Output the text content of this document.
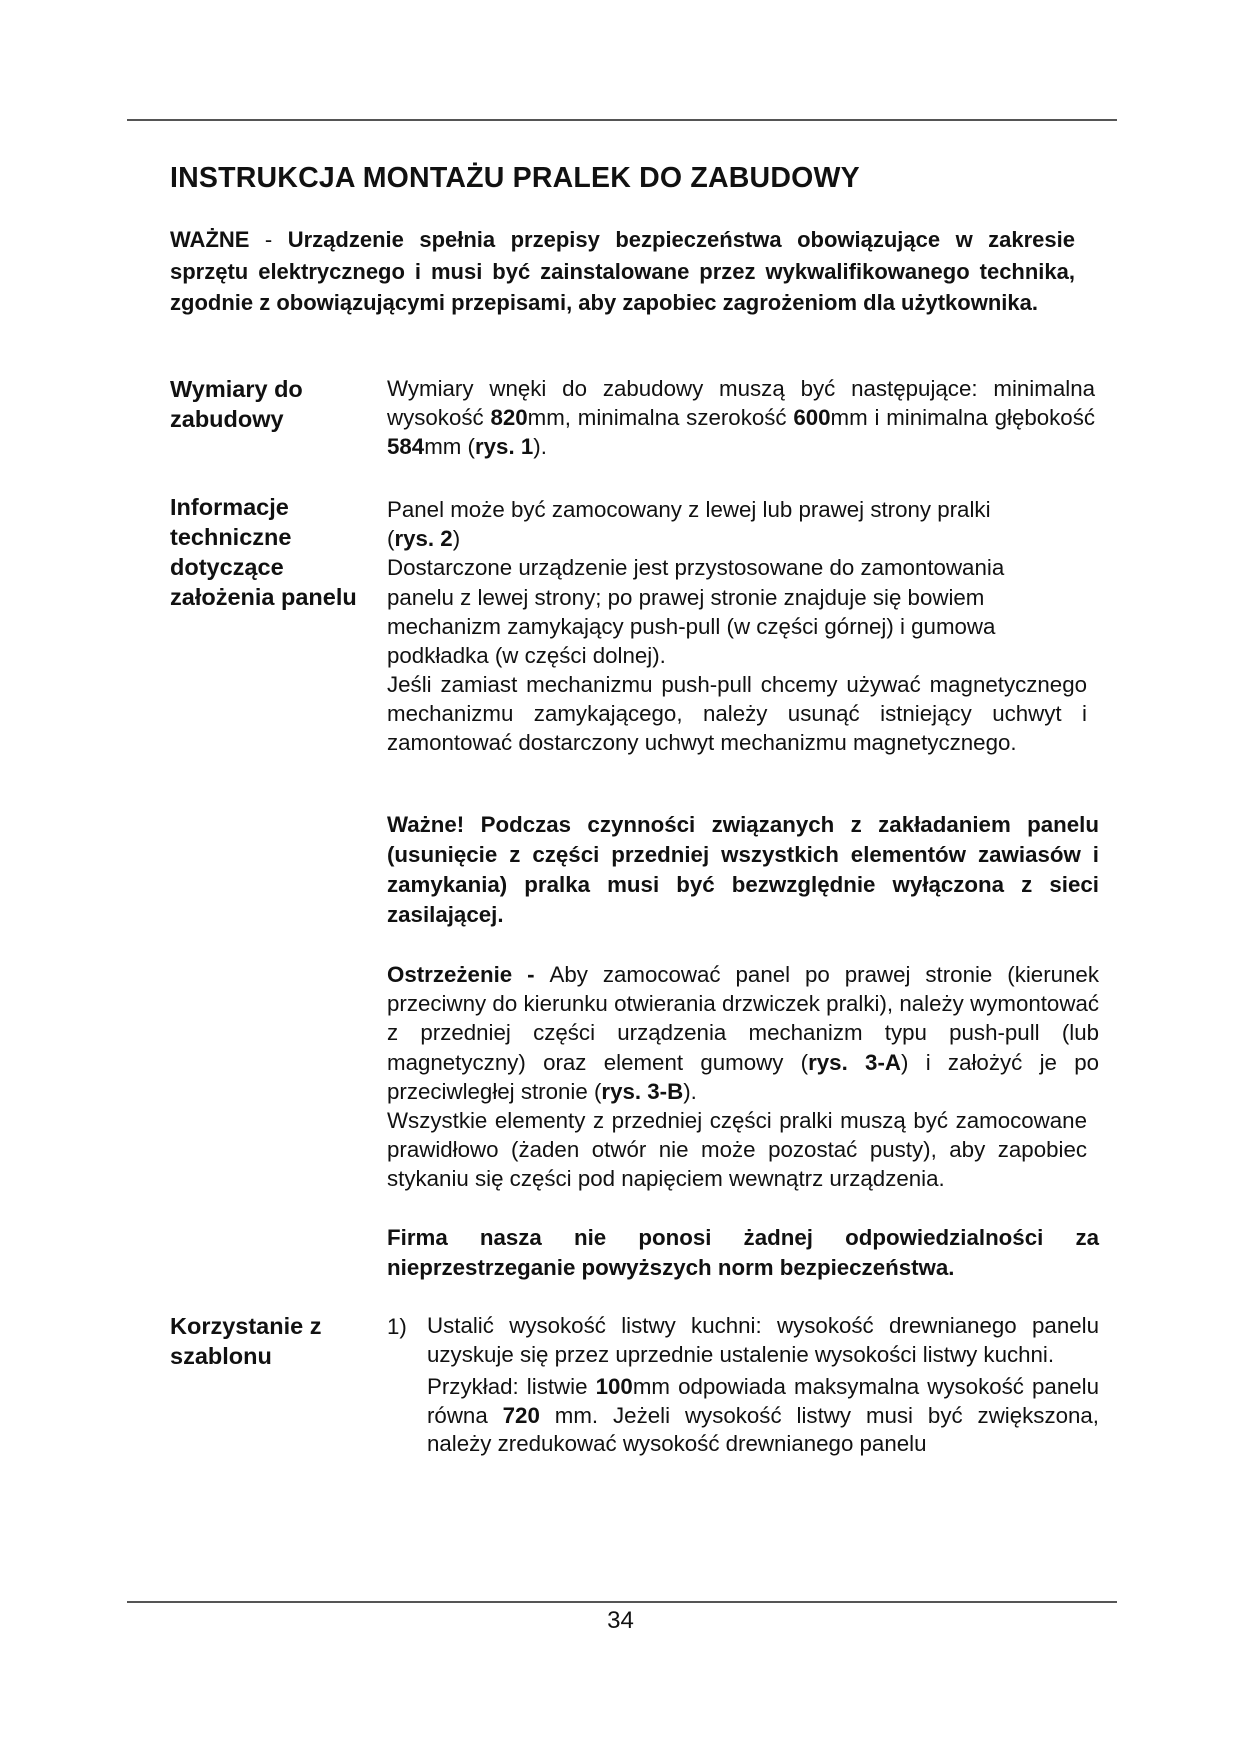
INSTRUKCJA MONTAŻU PRALEK DO ZABUDOWY

WAŻNE - Urządzenie spełnia przepisy bezpieczeństwa obowiązujące w zakresie sprzętu elektrycznego i musi być zainstalowane przez wykwalifikowanego technika, zgodnie z obowiązującymi przepisami, aby zapobiec zagrożeniom dla użytkownika.

Wymiary do
zabudowy

Wymiary wnęki do zabudowy muszą być następujące: minimalna wysokość 820mm, minimalna szerokość 600mm i minimalna głębokość 584mm (rys. 1).

Informacje
techniczne
dotyczące
założenia panelu
Panel może być zamocowany z lewej lub prawej strony pralki
(rys. 2)
Dostarczone urządzenie jest przystosowane do zamontowania
panelu z lewej strony; po prawej stronie znajduje się bowiem
mechanizm zamykający push-pull (w części górnej) i gumowa
podkładka (w części dolnej).

Jeśli zamiast mechanizmu push-pull chcemy używać magnetycznego mechanizmu zamykającego, należy usunąć istniejący uchwyt i zamontować dostarczony uchwyt mechanizmu magnetycznego.

Ważne! Podczas czynności związanych z zakładaniem panelu (usunięcie z części przedniej wszystkich elementów zawiasów i zamykania) pralka musi być bezwzględnie wyłączona z sieci zasilającej.

Ostrzeżenie - Aby zamocować panel po prawej stronie (kierunek przeciwny do kierunku otwierania drzwiczek pralki), należy wymontować z przedniej części urządzenia mechanizm typu push-pull (lub magnetyczny) oraz element gumowy (rys. 3-A) i założyć je po przeciwległej stronie (rys. 3-B).

Wszystkie elementy z przedniej części pralki muszą być zamocowane prawidłowo (żaden otwór nie może pozostać pusty), aby zapobiec stykaniu się części pod napięciem wewnątrz urządzenia.

Firma nasza nie ponosi żadnej odpowiedzialności za nieprzestrzeganie powyższych norm bezpieczeństwa.

Korzystanie z
szablonu
1) Ustalić wysokość listwy kuchni: wysokość drewnianego panelu uzyskuje się przez uprzednie ustalenie wysokości listwy kuchni.

Przykład: listwie 100mm odpowiada maksymalna wysokość panelu równa 720 mm. Jeżeli wysokość listwy musi być zwiększona, należy zredukować wysokość drewnianego panelu

34
